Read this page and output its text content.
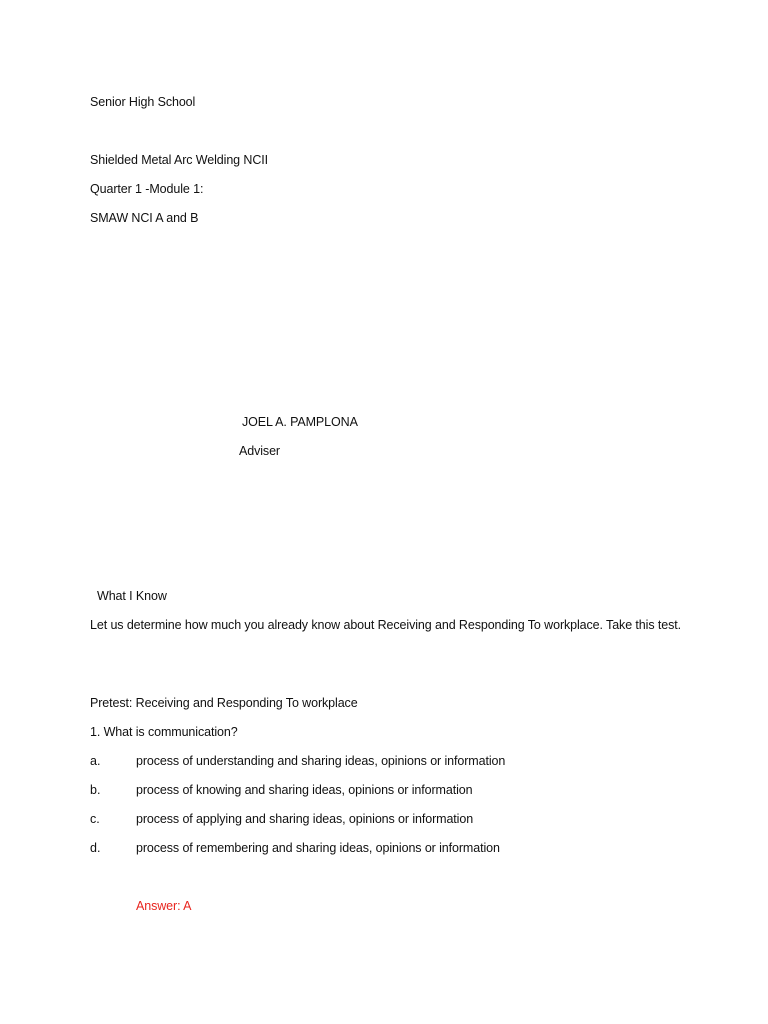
Senior High School
Shielded Metal Arc Welding NCII
Quarter 1 -Module 1:
SMAW NCI A and B
JOEL A. PAMPLONA
Adviser
What I Know
Let us determine how much you already know about Receiving and Responding To workplace. Take this test.
Pretest: Receiving and Responding To workplace
1. What is communication?
a.	process of understanding and sharing ideas, opinions or information
b.	process of knowing and sharing ideas, opinions or information
c.	process of applying and sharing ideas, opinions or information
d.	process of remembering and sharing ideas, opinions or information
Answer: A
